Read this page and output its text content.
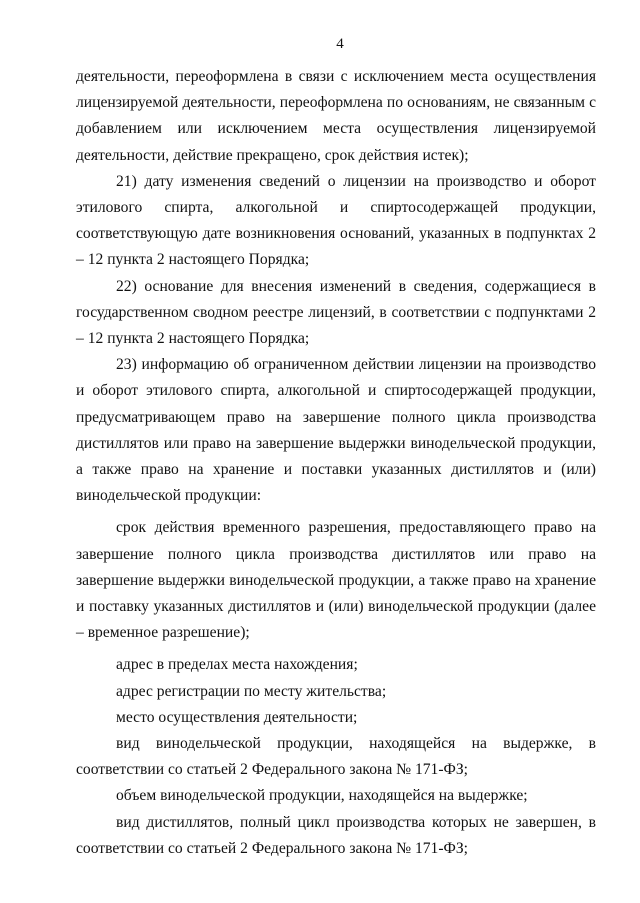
4

деятельности, переоформлена в связи с исключением места осуществления лицензируемой деятельности, переоформлена по основаниям, не связанным с добавлением или исключением места осуществления лицензируемой деятельности, действие прекращено, срок действия истек);

21) дату изменения сведений о лицензии на производство и оборот этилового спирта, алкогольной и спиртосодержащей продукции, соответствующую дате возникновения оснований, указанных в подпунктах 2 – 12 пункта 2 настоящего Порядка;

22) основание для внесения изменений в сведения, содержащиеся в государственном сводном реестре лицензий, в соответствии с подпунктами 2 – 12 пункта 2 настоящего Порядка;

23) информацию об ограниченном действии лицензии на производство и оборот этилового спирта, алкогольной и спиртосодержащей продукции, предусматривающем право на завершение полного цикла производства дистиллятов или право на завершение выдержки винодельческой продукции, а также право на хранение и поставки указанных дистиллятов и (или) винодельческой продукции:

срок действия временного разрешения, предоставляющего право на завершение полного цикла производства дистиллятов или право на завершение выдержки винодельческой продукции, а также право на хранение и поставку указанных дистиллятов и (или) винодельческой продукции (далее – временное разрешение);

адрес в пределах места нахождения;

адрес регистрации по месту жительства;

место осуществления деятельности;

вид винодельческой продукции, находящейся на выдержке, в соответствии со статьей 2 Федерального закона № 171-ФЗ;

объем винодельческой продукции, находящейся на выдержке;

вид дистиллятов, полный цикл производства которых не завершен, в соответствии со статьей 2 Федерального закона № 171-ФЗ;
